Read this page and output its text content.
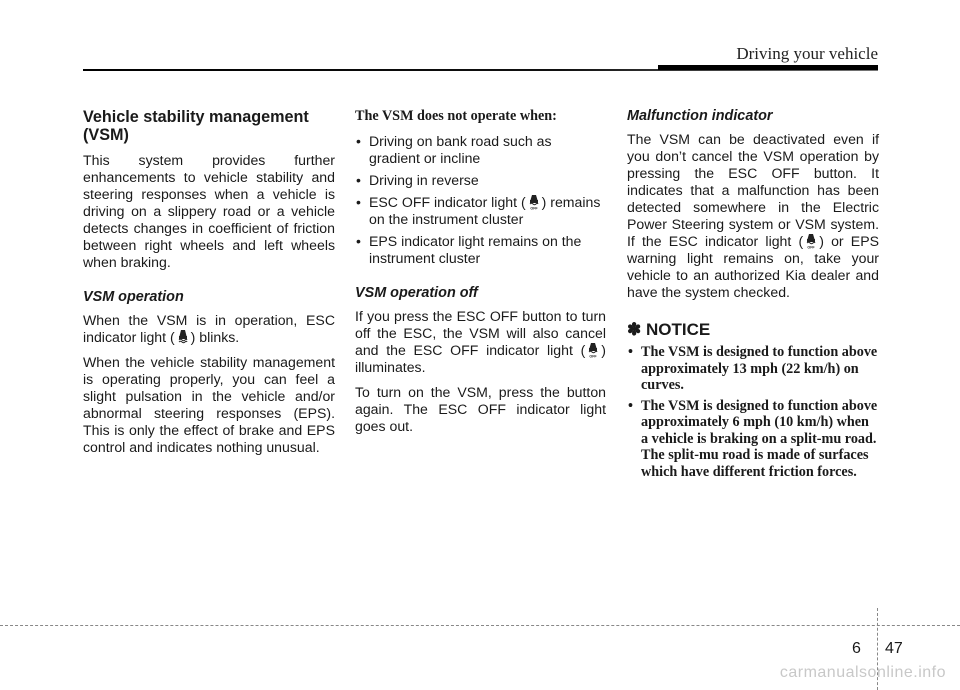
Driving your vehicle
Vehicle stability management (VSM)

This system provides further enhancements to vehicle stability and steering responses when a vehicle is driving on a slippery road or a vehicle detects changes in coefficient of friction between right wheels and left wheels when braking.

VSM operation

When the VSM is in operation, ESC indicator light ( ) blinks.

When the vehicle stability management is operating properly, you can feel a slight pulsation in the vehicle and/or abnormal steering responses (EPS). This is only the effect of brake and EPS control and indicates nothing unusual.

The VSM does not operate when:
• Driving on bank road such as gradient or incline
• Driving in reverse
• ESC OFF indicator light ( OFF ) remains on the instrument cluster
• EPS indicator light remains on the instrument cluster
VSM operation off

If you press the ESC OFF button to turn off the ESC, the VSM will also cancel and the ESC OFF indicator light ( OFF ) illuminates.

To turn on the VSM, press the button again. The ESC OFF indicator light goes out.

Malfunction indicator

The VSM can be deactivated even if you don’t cancel the VSM operation by pressing the ESC OFF button. It indicates that a malfunction has been detected somewhere in the Electric Power Steering system or VSM system. If the ESC indicator light ( OFF ) or EPS warning light remains on, take your vehicle to an authorized Kia dealer and have the system checked.

✽ NOTICE
• The VSM is designed to function above approximately 13 mph (22 km/h) on curves.
• The VSM is designed to function above approximately 6 mph (10 km/h) when a vehicle is braking on a split-mu road. The split-mu road is made of surfaces which have different friction forces.
6 47
carmanualsonline.info
